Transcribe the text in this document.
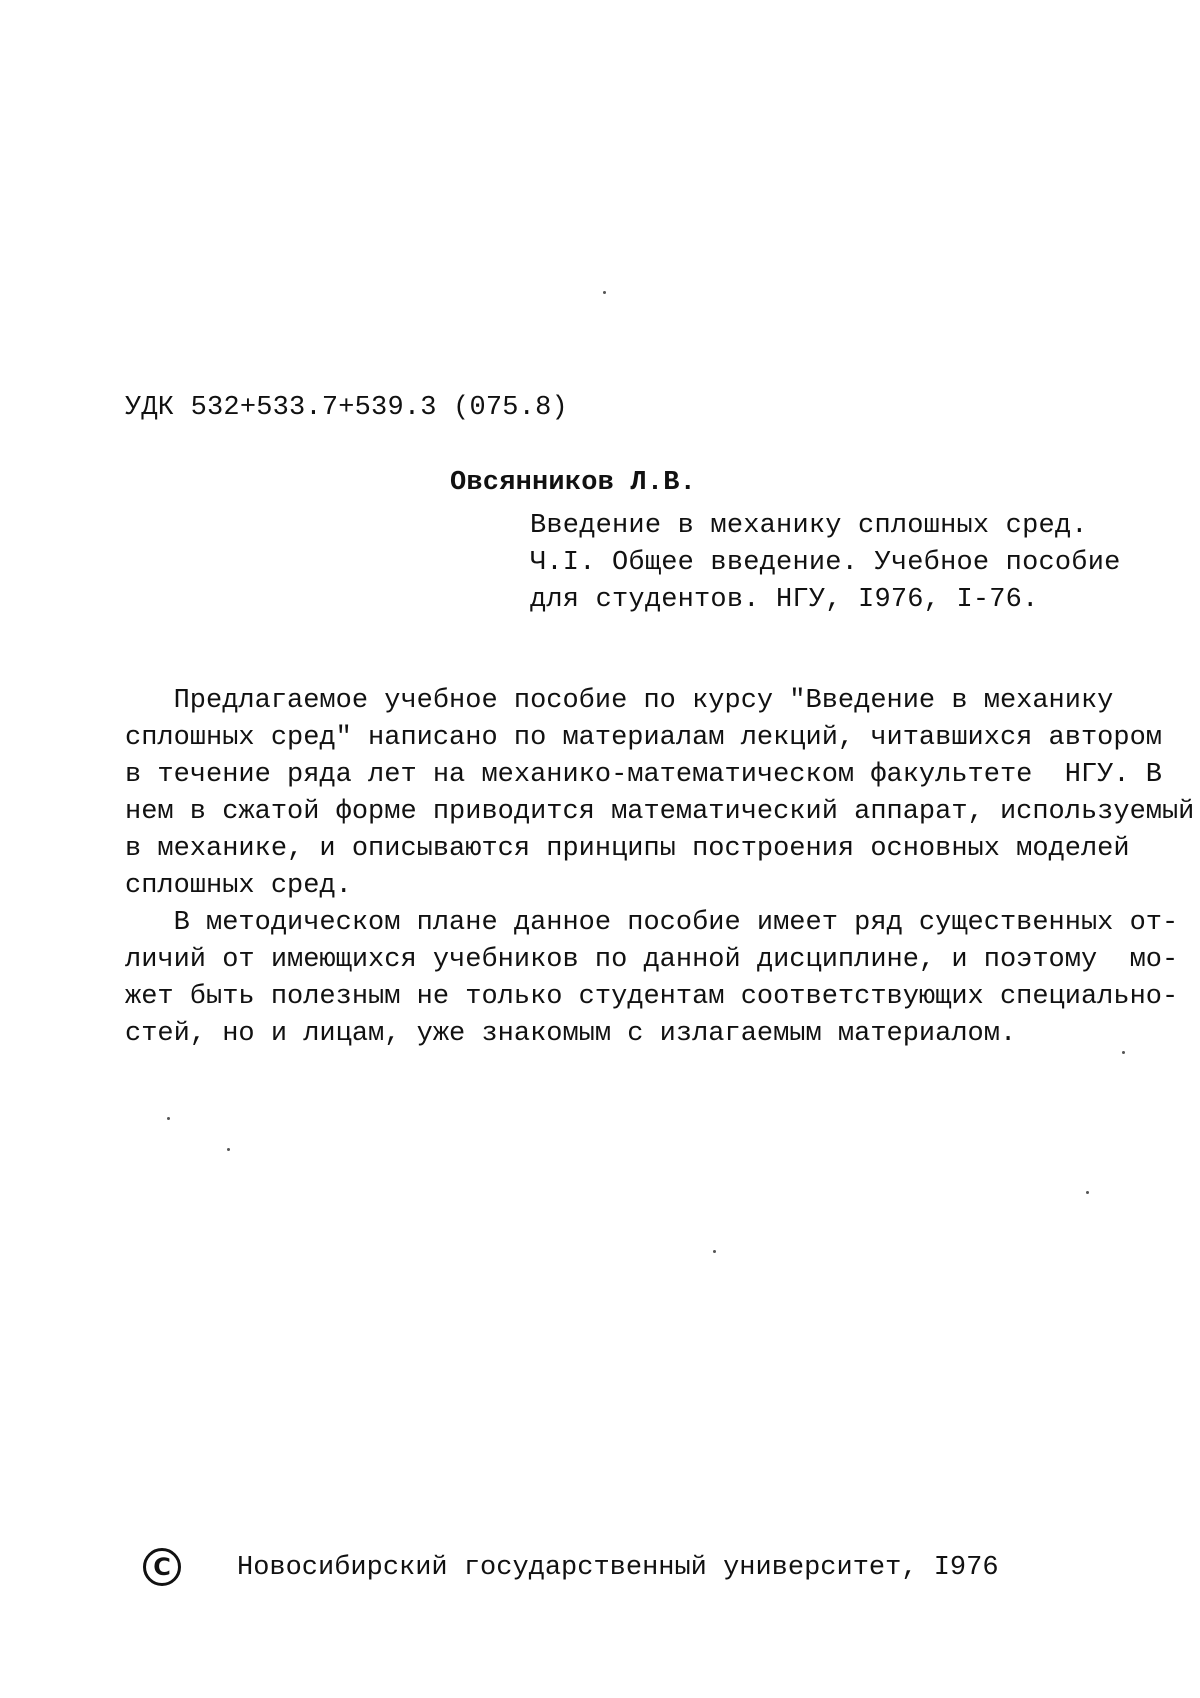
УДК 532+533.7+539.3 (075.8)
Овсянников Л.В.
Введение в механику сплошных сред.
Ч.I. Общее введение. Учебное пособие
для студентов. НГУ, I976, I-76.
Предлагаемое учебное пособие по курсу "Введение в механику
сплошных сред" написано по материалам лекций, читавшихся автором
в течение ряда лет на механико-математическом факультете  НГУ. В
нем в сжатой форме приводится математический аппарат, используемый
в механике, и описываются принципы построения основных моделей
сплошных сред.
В методическом плане данное пособие имеет ряд существенных от-
личий от имеющихся учебников по данной дисциплине, и поэтому  мо-
жет быть полезным не только студентам соответствующих специально-
стей, но и лицам, уже знакомым с излагаемым материалом.
C	Новосибирский государственный университет, I976
